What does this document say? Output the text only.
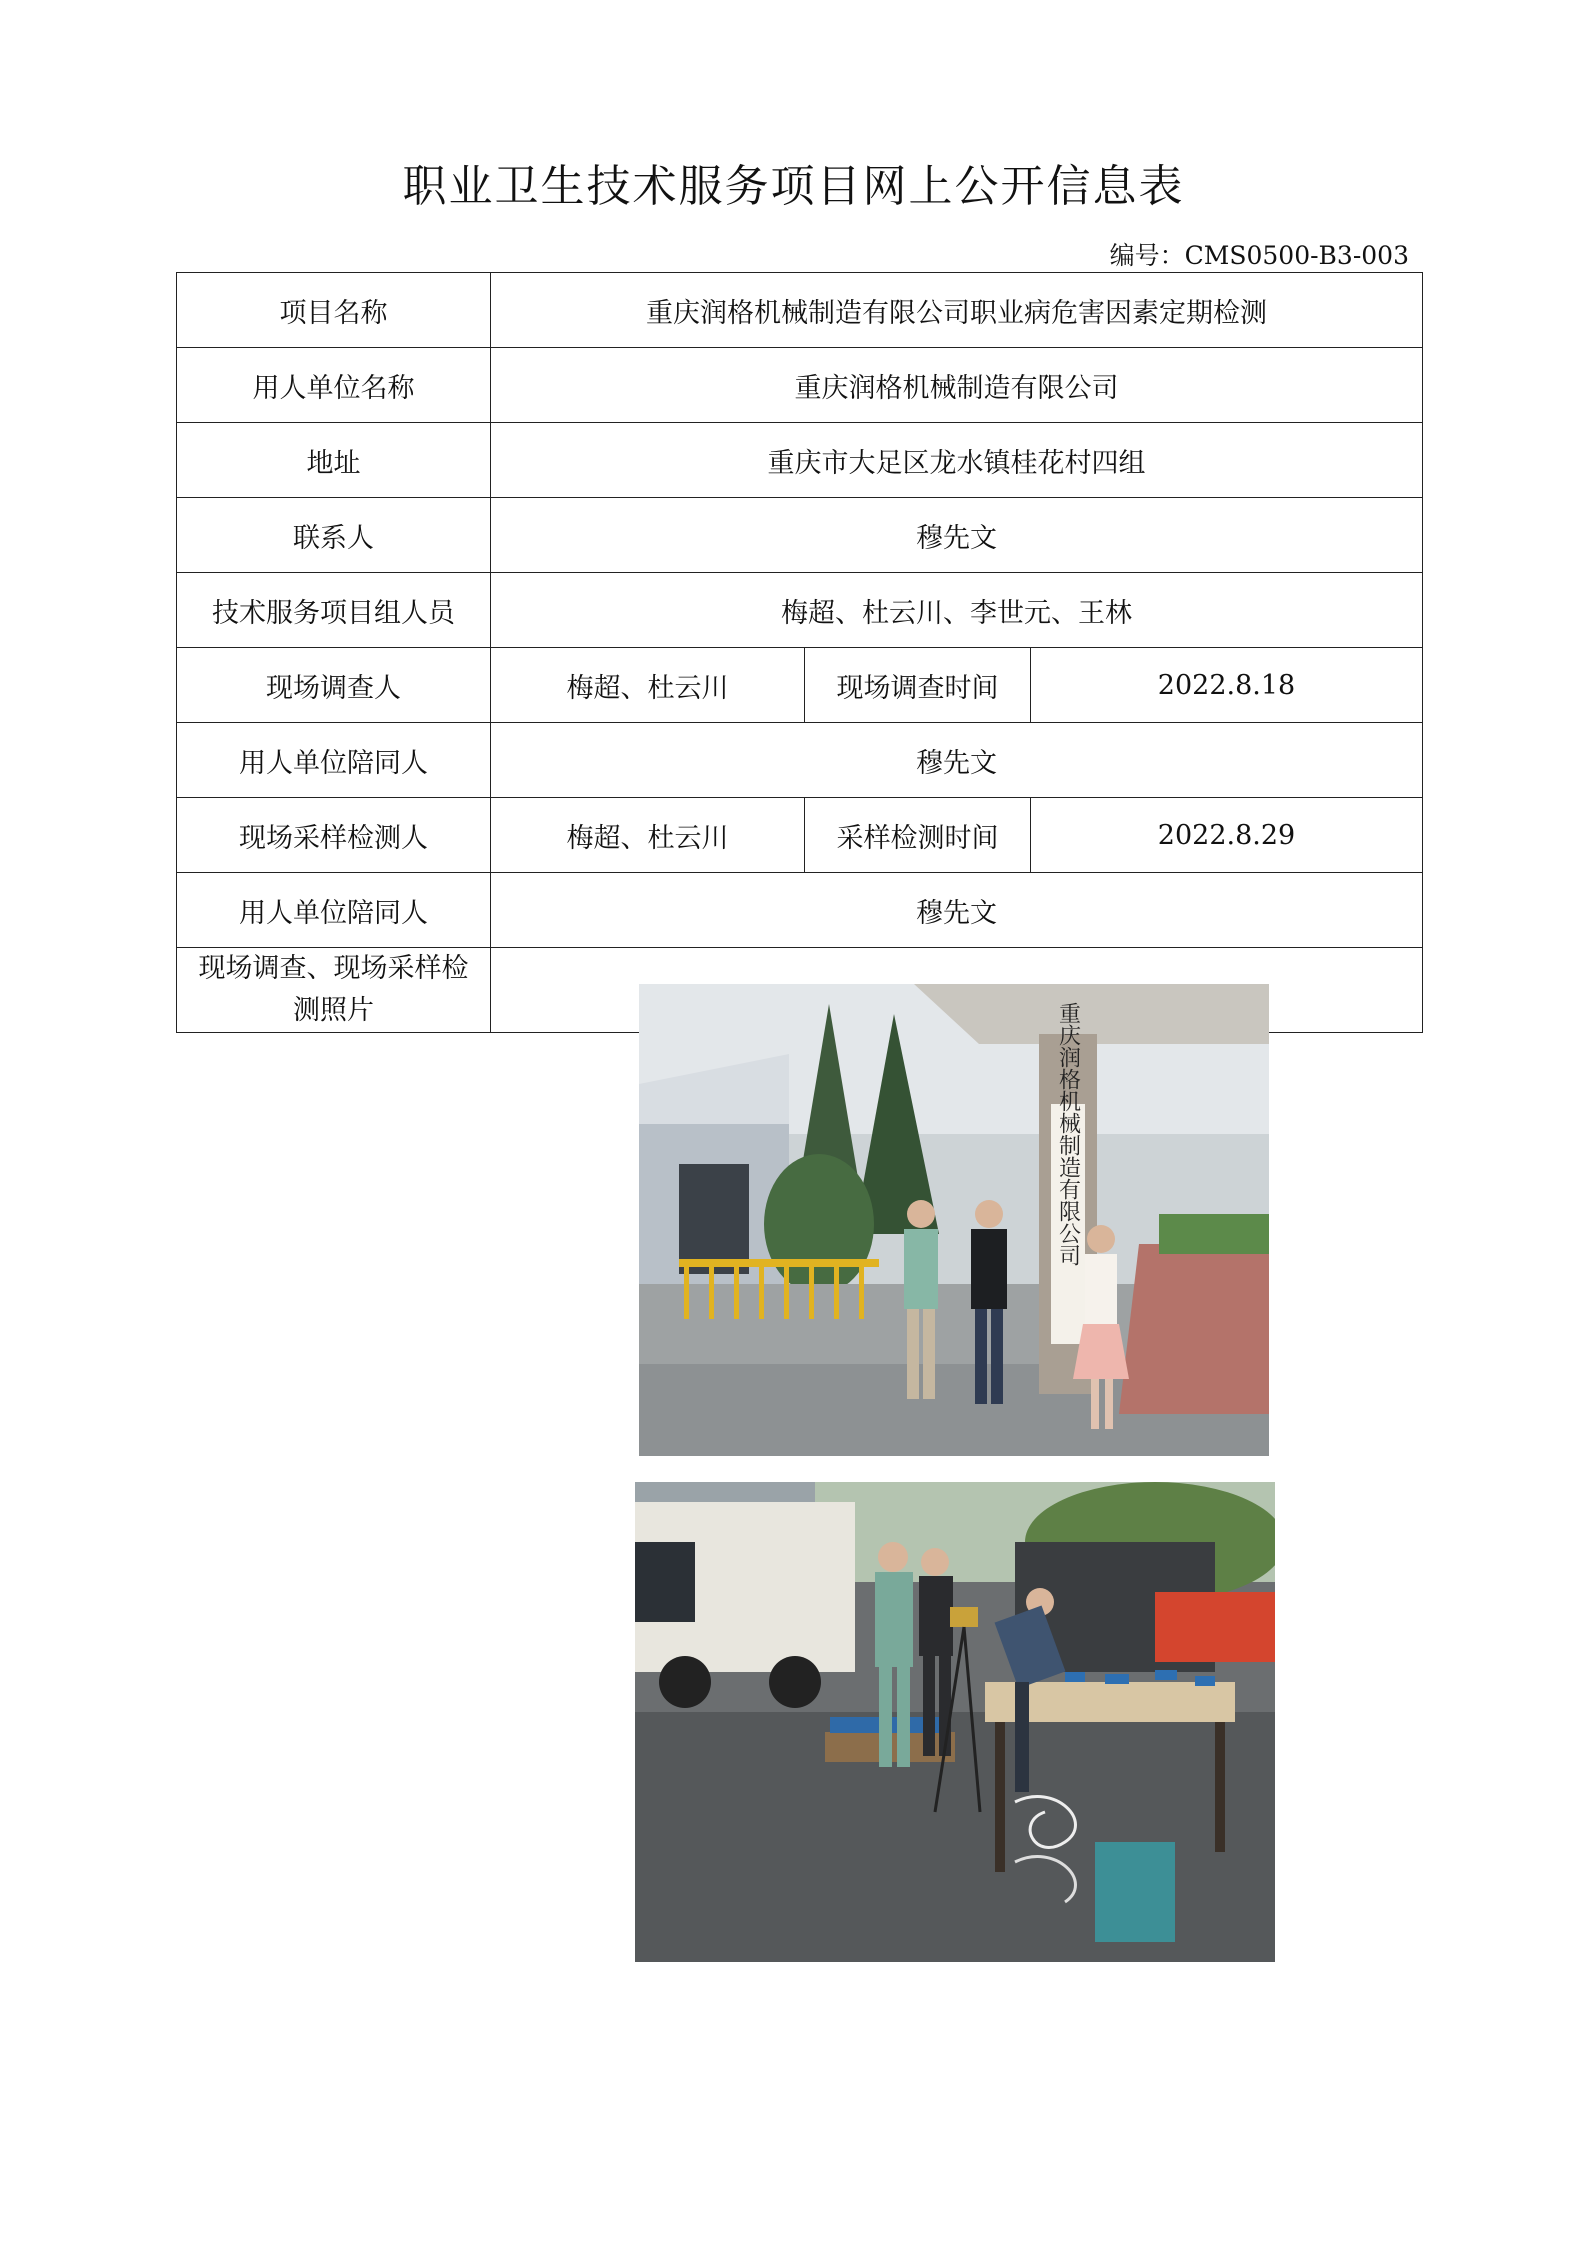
职业卫生技术服务项目网上公开信息表
编号：CMS0500-B3-003
项目名称	重庆润格机械制造有限公司职业病危害因素定期检测		
用人单位名称	重庆润格机械制造有限公司		
地址	重庆市大足区龙水镇桂花村四组		
联系人	穆先文		
技术服务项目组人员	梅超、杜云川、李世元、王林		
现场调查人	梅超、杜云川	现场调查时间	2022.8.18
用人单位陪同人	穆先文		
现场采样检测人	梅超、杜云川	采样检测时间	2022.8.29
用人单位陪同人	穆先文		
现场调查、现场采样检测照片	重庆润格机械制造有限公司		
